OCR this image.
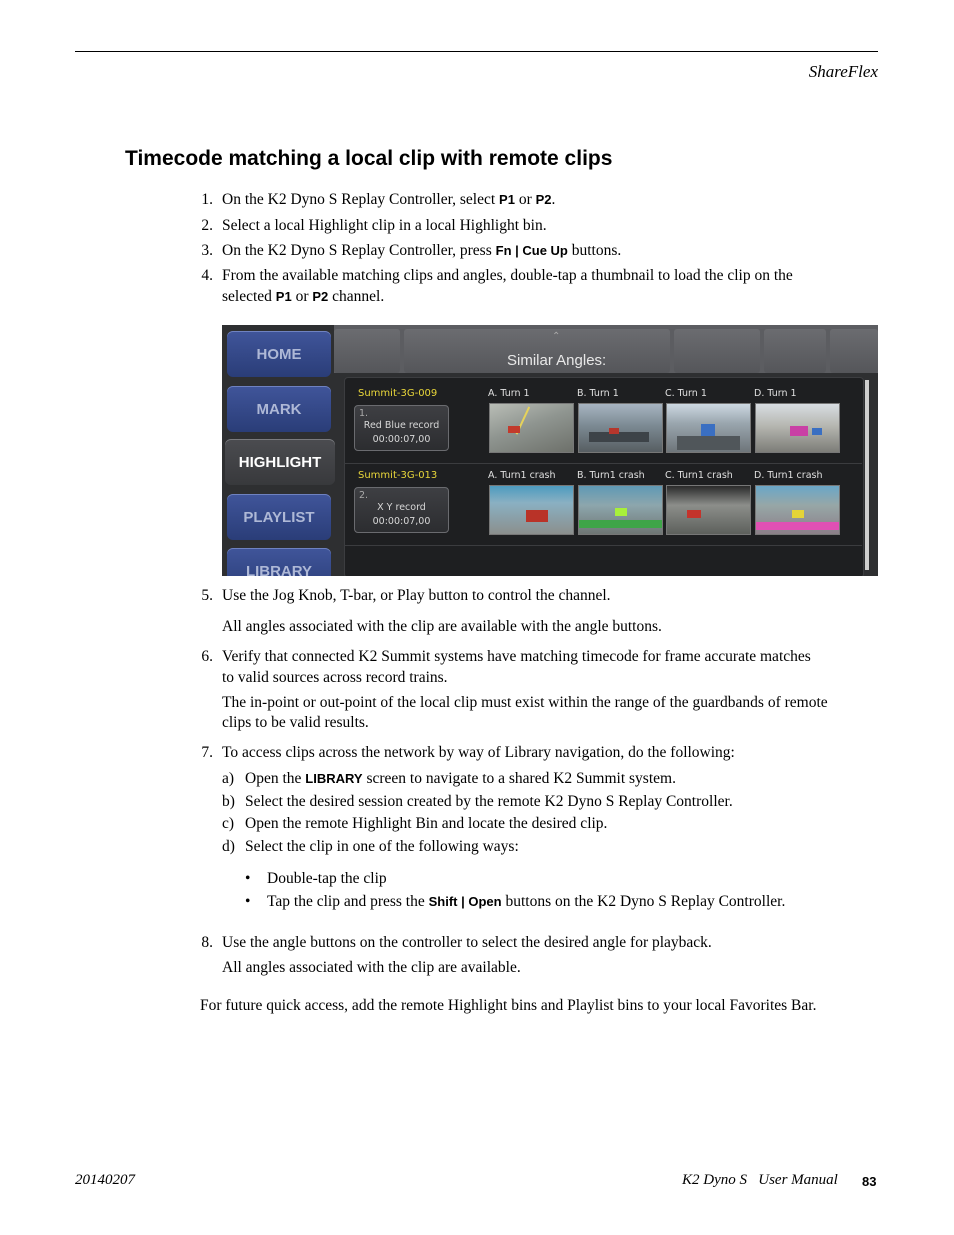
ShareFlex
Timecode matching a local clip with remote clips
1. On the K2 Dyno S Replay Controller, select P1 or P2.
2. Select a local Highlight clip in a local Highlight bin.
3. On the K2 Dyno S Replay Controller, press Fn | Cue Up buttons.
4. From the available matching clips and angles, double-tap a thumbnail to load the clip on the
selected P1 or P2 channel.
5. Use the Jog Knob, T-bar, or Play button to control the channel.
All angles associated with the clip are available with the angle buttons.
6. Verify that connected K2 Summit systems have matching timecode for frame accurate matches
to valid sources across record trains.
The in-point or out-point of the local clip must exist within the range of the guardbands of remote
clips to be valid results.
7. To access clips across the network by way of Library navigation, do the following:
a) Open the LIBRARY screen to navigate to a shared K2 Summit system.
b) Select the desired session created by the remote K2 Dyno S Replay Controller.
c) Open the remote Highlight Bin and locate the desired clip.
d) Select the clip in one of the following ways:
• Double-tap the clip
• Tap the clip and press the Shift | Open buttons on the K2 Dyno S Replay Controller.
8. Use the angle buttons on the controller to select the desired angle for playback.
All angles associated with the clip are available.
For future quick access, add the remote Highlight bins and Playlist bins to your local Favorites Bar.
⌃
Similar Angles:
HOME
MARK
HIGHLIGHT
PLAYLIST
LIBRARY
Summit-3G-009
1.
Red Blue record
00:00:07,00
A. Turn 1	B. Turn 1	C. Turn 1	D. Turn 1
Summit-3G-013
2.
X Y record
00:00:07,00
A. Turn1 crash B. Turn1 crash C. Turn1 crash D. Turn1 crash
20140207	K2 Dyno S   User Manual 83
